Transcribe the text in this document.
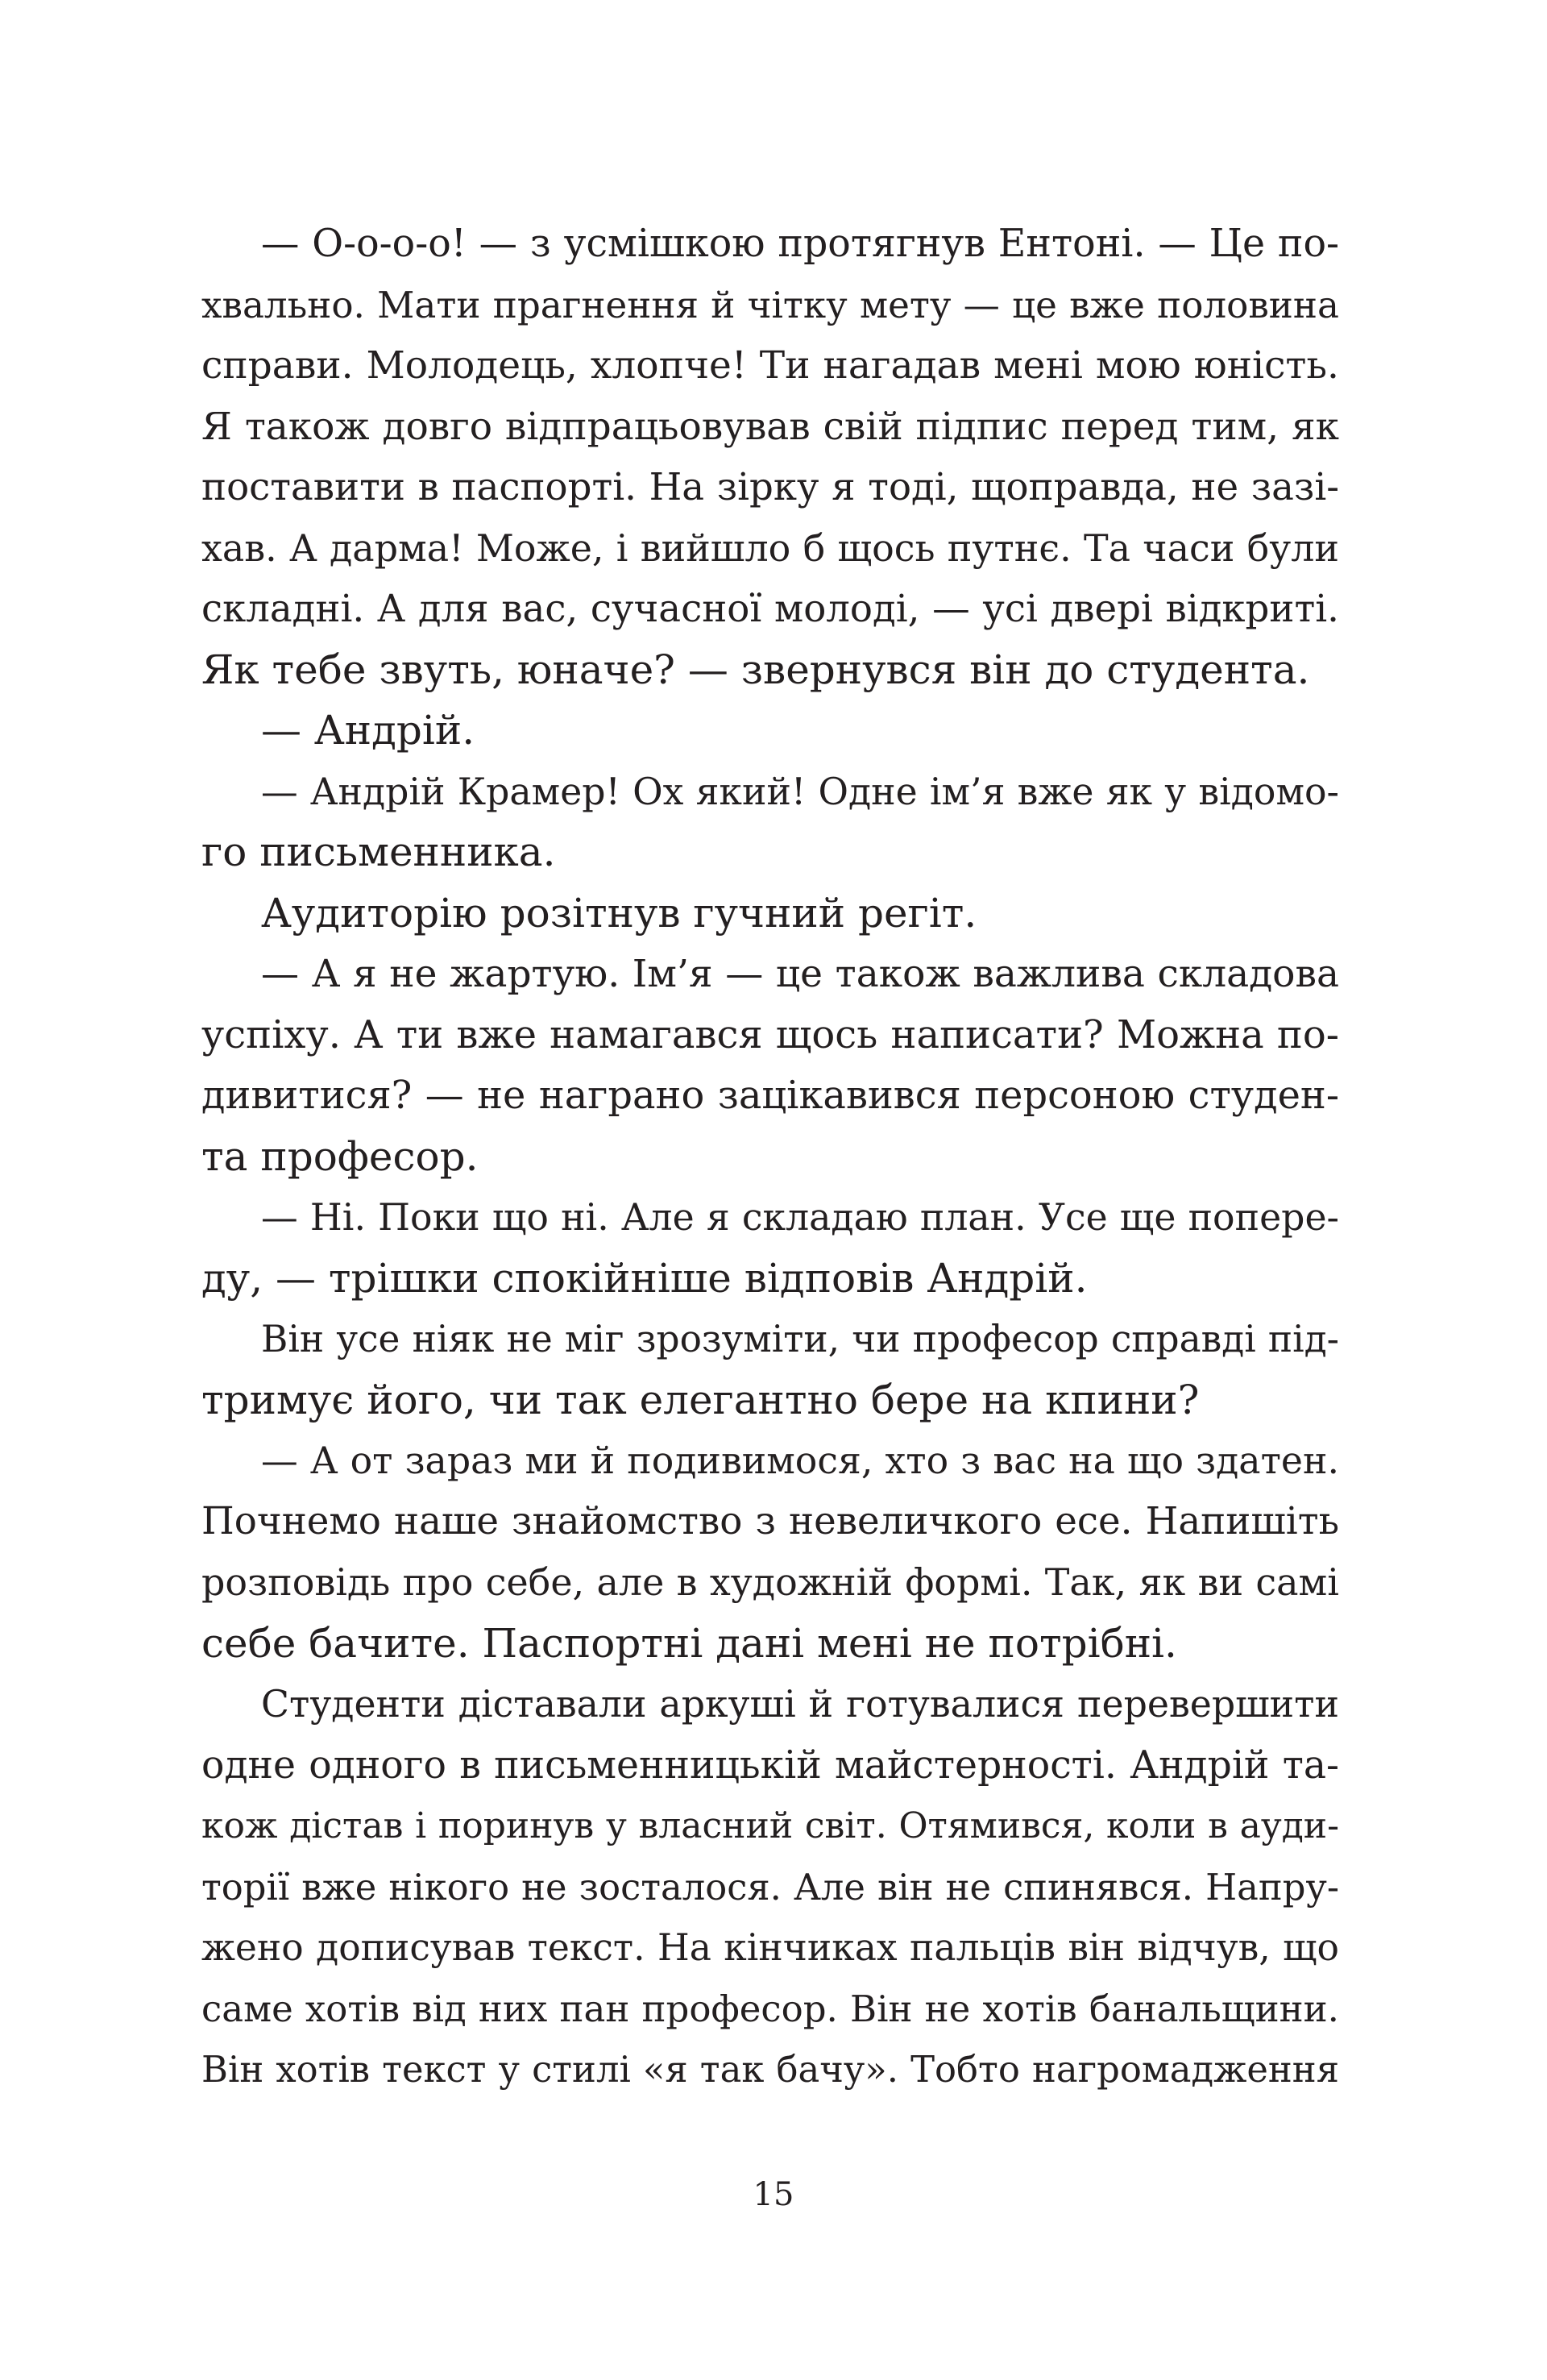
— О-о-о-о! — з усмішкою протягнув Ентоні. — Це по-
хвально. Мати прагнення й чітку мету — це вже половина
справи. Молодець, хлопче! Ти нагадав мені мою юність.
Я також довго відпрацьовував свій підпис перед тим, як
поставити в паспорті. На зірку я тоді, щоправда, не зазі-
хав. А дарма! Може, і вийшло б щось путнє. Та часи були
складні. А для вас, сучасної молоді, — усі двері відкриті.
Як тебе звуть, юначе? — звернувся він до студента.
— Андрій.
— Андрій Крамер! Ох який! Одне ім’я вже як у відомо-
го письменника.
Аудиторію розітнув гучний регіт.
— А я не жартую. Ім’я — це також важлива складова
успіху. А ти вже намагався щось написати? Можна по-
дивитися? — не награно зацікавився персоною студен-
та професор.
— Ні. Поки що ні. Але я складаю план. Усе ще попере-
ду, — трішки спокійніше відповів Андрій.
Він усе ніяк не міг зрозуміти, чи професор справді під-
тримує його, чи так елегантно бере на кпини?
— А от зараз ми й подивимося, хто з вас на що здатен.
Почнемо наше знайомство з невеличкого есе. Напишіть
розповідь про себе, але в художній формі. Так, як ви самі
себе бачите. Паспортні дані мені не потрібні.
Студенти діставали аркуші й готувалися перевершити
одне одного в письменницькій майстерності. Андрій та-
кож дістав і поринув у власний світ. Отямився, коли в ауди-
торії вже нікого не зосталося. Але він не спинявся. Напру-
жено дописував текст. На кінчиках пальців він відчув, що
саме хотів від них пан професор. Він не хотів банальщини.
Він хотів текст у стилі «я так бачу». Тобто нагромадження
15
